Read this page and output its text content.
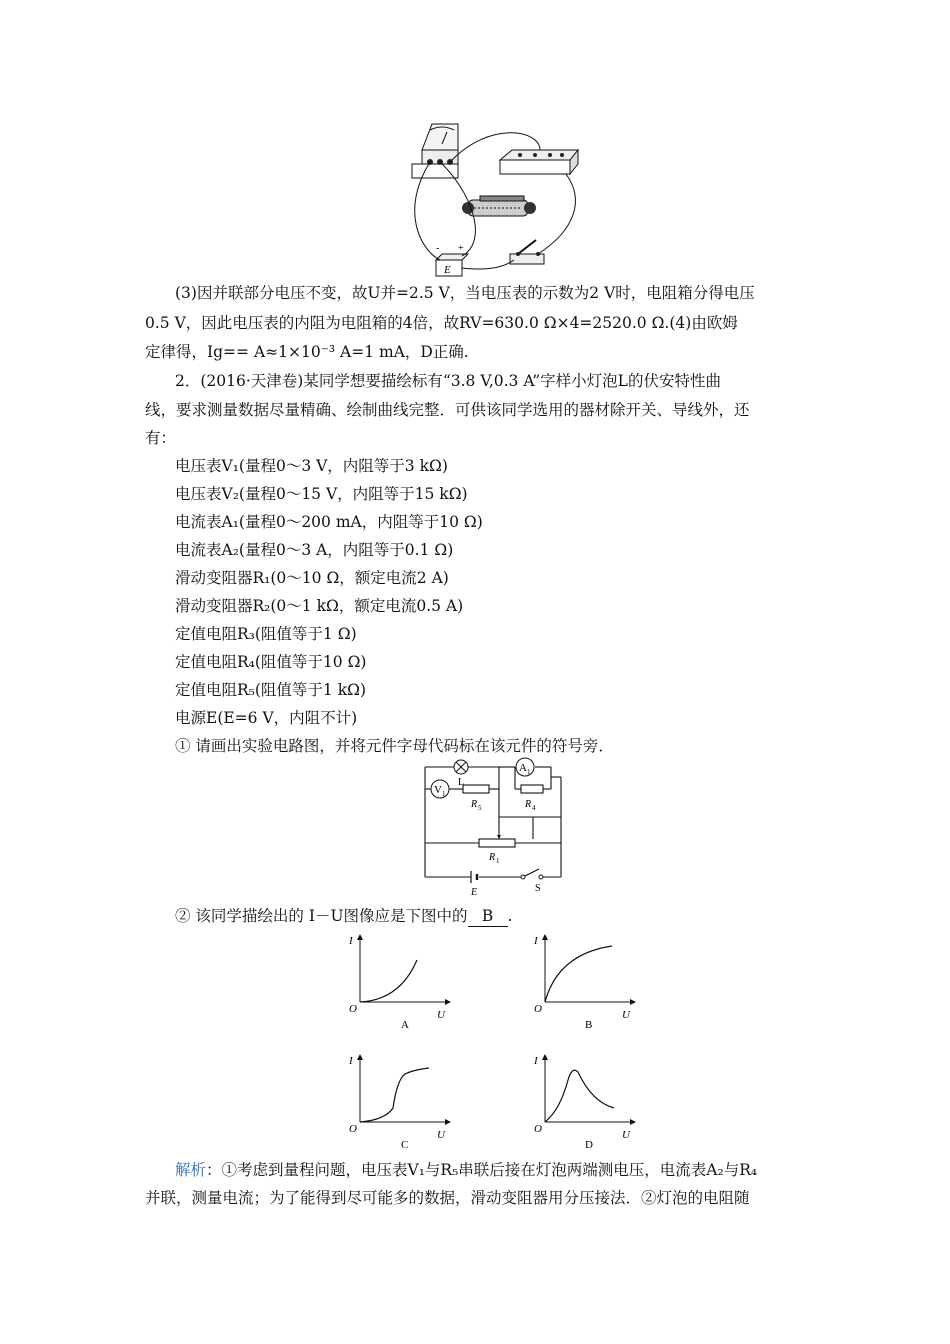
E
+
-
(3)因并联部分电压不变，故U并=2.5 V，当电压表的示数为2 V时，电阻箱分得电压
0.5 V，因此电压表的内阻为电阻箱的4倍，故RV=630.0 Ω×4=2520.0 Ω.(4)由欧姆
定律得，Ig== A≈1×10⁻³ A=1 mA，D正确.
2．(2016·天津卷)某同学想要描绘标有“3.8 V,0.3 A”字样小灯泡L的伏安特性曲
线，要求测量数据尽量精确、绘制曲线完整．可供该同学选用的器材除开关、导线外，还
有：
电压表V₁(量程0～3 V，内阻等于3 kΩ)
电压表V₂(量程0～15 V，内阻等于15 kΩ)
电流表A₁(量程0～200 mA，内阻等于10 Ω)
电流表A₂(量程0～3 A，内阻等于0.1 Ω)
滑动变阻器R₁(0～10 Ω，额定电流2 A)
滑动变阻器R₂(0～1 kΩ，额定电流0.5 A)
定值电阻R₃(阻值等于1 Ω)
定值电阻R₄(阻值等于10 Ω)
定值电阻R₅(阻值等于1 kΩ)
电源E(E=6 V，内阻不计)
① 请画出实验电路图，并将元件字母代码标在该元件的符号旁．
L
V 1
A 1
R 5	R 4
R 1
E	S
② 该同学描绘出的 I－U图像应是下图中的 B .
I
U
O
A
I
U
O
B
I
U
O
C
I
U
O
D
解析：①考虑到量程问题，电压表V₁与R₅串联后接在灯泡两端测电压，电流表A₂与R₄
并联，测量电流；为了能得到尽可能多的数据，滑动变阻器用分压接法．②灯泡的电阻随
